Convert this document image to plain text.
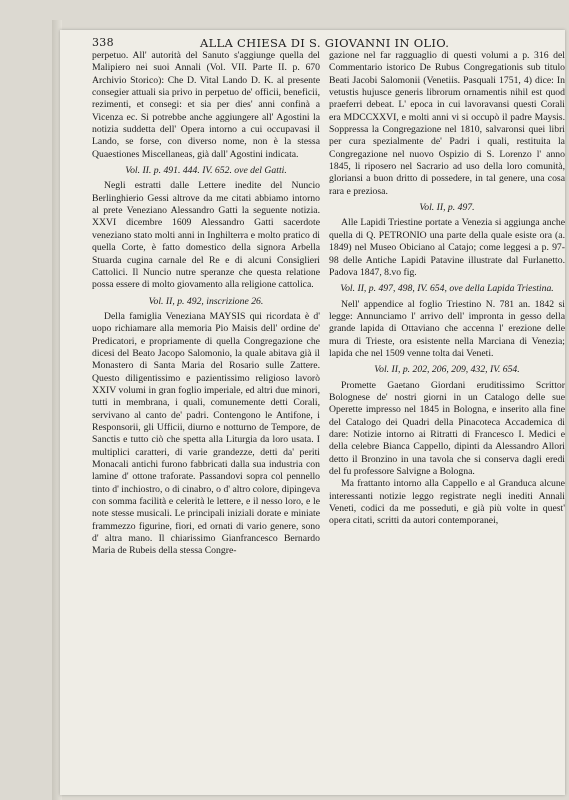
338	ALLA CHIESA DI S. GIOVANNI IN OLIO.

perpetuo. All' autorità del Sanuto s'aggiunge quella del Malipiero nei suoi Annali (Vol. VII. Parte II. p. 670 Archivio Storico): Che D. Vital Lando D. K. al presente consegier attuali sia privo in perpetuo de' officii, beneficii, rezimenti, et consegi: et sia per dies' anni confinà a Vicenza ec. Si potrebbe anche aggiungere all' Agostini la notizia suddetta dell' Opera intorno a cui occupavasi il Lando, se forse, con diverso nome, non è la stessa Quaestiones Miscellaneas, già dall' Agostini indicata.

Vol. II. p. 491. 444. IV. 652. ove del Gatti.

Negli estratti dalle Lettere inedite del Nuncio Berlinghierio Gessi altrove da me citati abbiamo intorno al prete Veneziano Alessandro Gatti la seguente notizia. XXVI dicembre 1609 Alessandro Gatti sacerdote veneziano stato molti anni in Inghilterra e molto pratico di quella Corte, è fatto domestico della signora Arbella Stuarda cugina carnale del Re e di alcuni Consiglieri Cattolici. Il Nuncio nutre speranze che questa relatione possa essere di molto giovamento alla religione cattolica.

Vol. II, p. 492, inscrizione 26.

Della famiglia Veneziana MAYSIS qui ricordata è d' uopo richiamare alla memoria Pio Maisis dell' ordine de' Predicatori, e propriamente di quella Congregazione che dicesi del Beato Jacopo Salomonio, la quale abitava già il Monastero di Santa Maria del Rosario sulle Zattere. Questo diligentissimo e pazientissimo religioso lavorò XXIV volumi in gran foglio imperiale, ed altri due minori, tutti in membrana, i quali, comunemente detti Corali, servivano al canto de' padri. Contengono le Antifone, i Responsorii, gli Ufficii, diurno e notturno de Tempore, de Sanctis e tutto ciò che spetta alla Liturgia da loro usata. I multiplici caratteri, di varie grandezze, detti da' periti Monacali antichi furono fabbricati dalla sua industria con lamine d' ottone traforate. Passandovi sopra col pennello tinto d' inchiostro, o di cinabro, o d' altro colore, dipingeva con somma facilità e celerità le lettere, e il nesso loro, e le note stesse musicali. Le principali iniziali dorate e miniate frammezzo figurine, fiori, ed ornati di vario genere, sono d' altra mano. Il chiarissimo Gianfrancesco Bernardo Maria de Rubeis della stessa Congre-

gazione nel far ragguaglio di questi volumi a p. 316 del Commentario istorico De Rubus Congregationis sub titulo Beati Jacobi Salomonii (Venetiis. Pasquali 1751, 4) dice: In vetustis hujusce generis librorum ornamentis nihil est quod praeferri debeat. L' epoca in cui lavoravansi questi Corali era MDCCXXVI, e molti anni vi si occupò il padre Maysis. Soppressa la Congregazione nel 1810, salvaronsi quei libri per cura spezialmente de' Padri i quali, restituita la Congregazione nel nuovo Ospizio di S. Lorenzo l' anno 1845, li riposero nel Sacrario ad uso della loro comunità, gloriansi a buon dritto di possedere, in tal genere, una cosa rara e preziosa.

Vol. II, p. 497.

Alle Lapidi Triestine portate a Venezia si aggiunga anche quella di Q. PETRONIO una parte della quale esiste ora (a. 1849) nel Museo Obiciano al Catajo; come leggesi a p. 97-98 delle Antiche Lapidi Patavine illustrate dal Furlanetto. Padova 1847, 8.vo fig.

Vol. II, p. 497, 498, IV. 654, ove della Lapida Triestina.

Nell' appendice al foglio Triestino N. 781 an. 1842 si legge: Annunciamo l' arrivo dell' impronta in gesso della grande lapida di Ottaviano che accenna l' erezione delle mura di Trieste, ora esistente nella Marciana di Venezia; lapida che nel 1509 venne tolta dai Veneti.

Vol. II, p. 202, 206, 209, 432, IV. 654.

Promette Gaetano Giordani eruditissimo Scrittor Bolognese de' nostri giorni in un Catalogo delle sue Operette impresso nel 1845 in Bologna, e inserito alla fine del Catalogo dei Quadri della Pinacoteca Accademica di dare: Notizie intorno ai Ritratti di Francesco I. Medici e della celebre Bianca Cappello, dipinti da Alessandro Allori detto il Bronzino in una tavola che si conserva dagli eredi del fu professore Salvigne a Bologna.

Ma frattanto intorno alla Cappello e al Granduca alcune interessanti notizie leggo registrate negli inediti Annali Veneti, codici da me posseduti, e già più volte in quest' opera citati, scritti da autori contemporanei,
